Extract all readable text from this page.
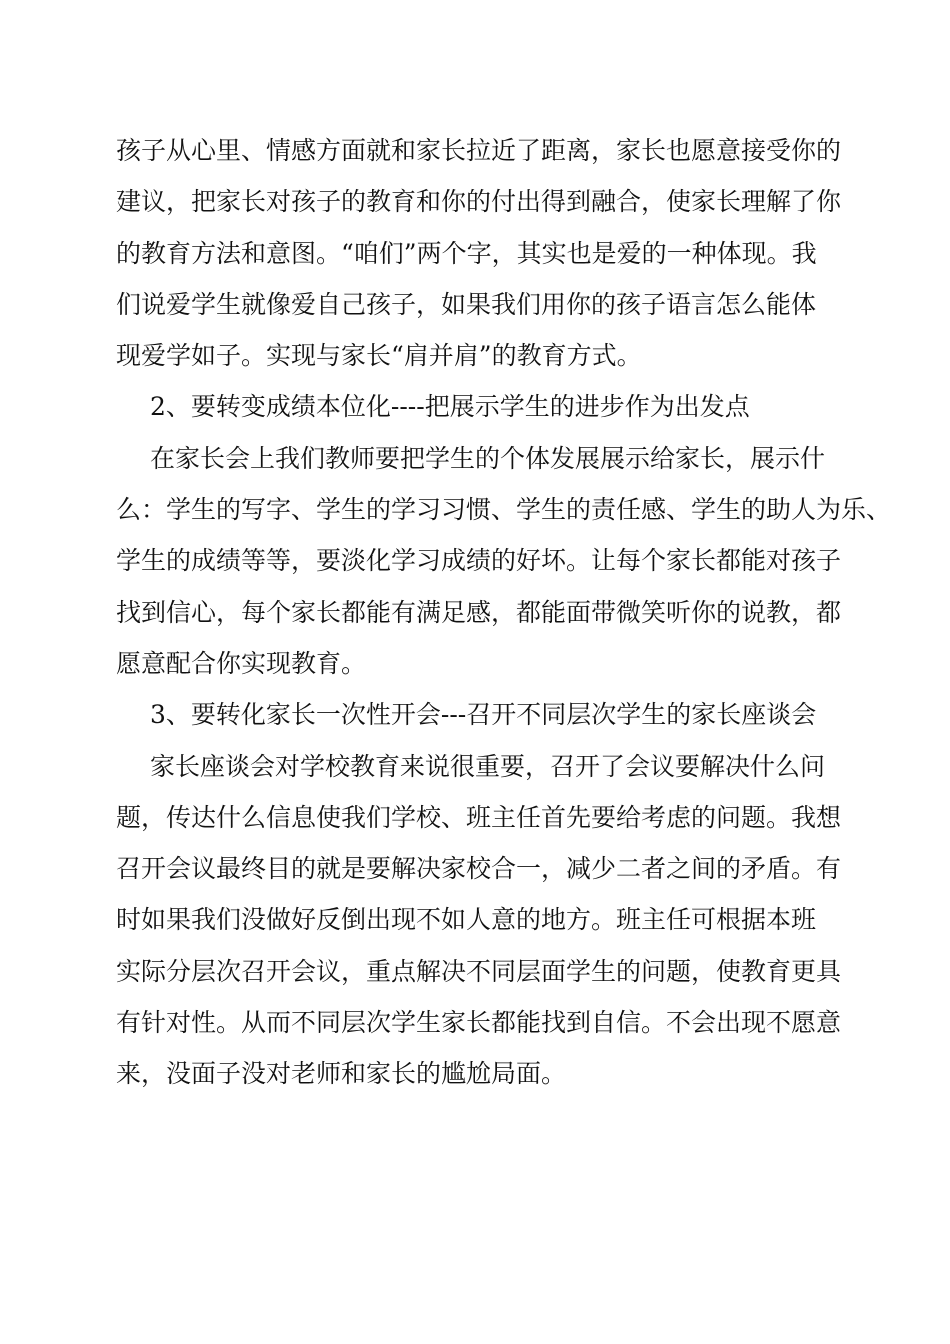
孩子从心里、情感方面就和家长拉近了距离，家长也愿意接受你的
建议，把家长对孩子的教育和你的付出得到融合，使家长理解了你
的教育方法和意图。“咱们”两个字，其实也是爱的一种体现。我
们说爱学生就像爱自己孩子，如果我们用你的孩子语言怎么能体
现爱学如子。实现与家长“肩并肩”的教育方式。
2、要转变成绩本位化----把展示学生的进步作为出发点
在家长会上我们教师要把学生的个体发展展示给家长，展示什
么：学生的写字、学生的学习习惯、学生的责任感、学生的助人为乐、
学生的成绩等等，要淡化学习成绩的好坏。让每个家长都能对孩子
找到信心，每个家长都能有满足感，都能面带微笑听你的说教，都
愿意配合你实现教育。
3、要转化家长一次性开会---召开不同层次学生的家长座谈会
家长座谈会对学校教育来说很重要，召开了会议要解决什么问
题，传达什么信息使我们学校、班主任首先要给考虑的问题。我想
召开会议最终目的就是要解决家校合一，减少二者之间的矛盾。有
时如果我们没做好反倒出现不如人意的地方。班主任可根据本班
实际分层次召开会议，重点解决不同层面学生的问题，使教育更具
有针对性。从而不同层次学生家长都能找到自信。不会出现不愿意
来，没面子没对老师和家长的尴尬局面。
